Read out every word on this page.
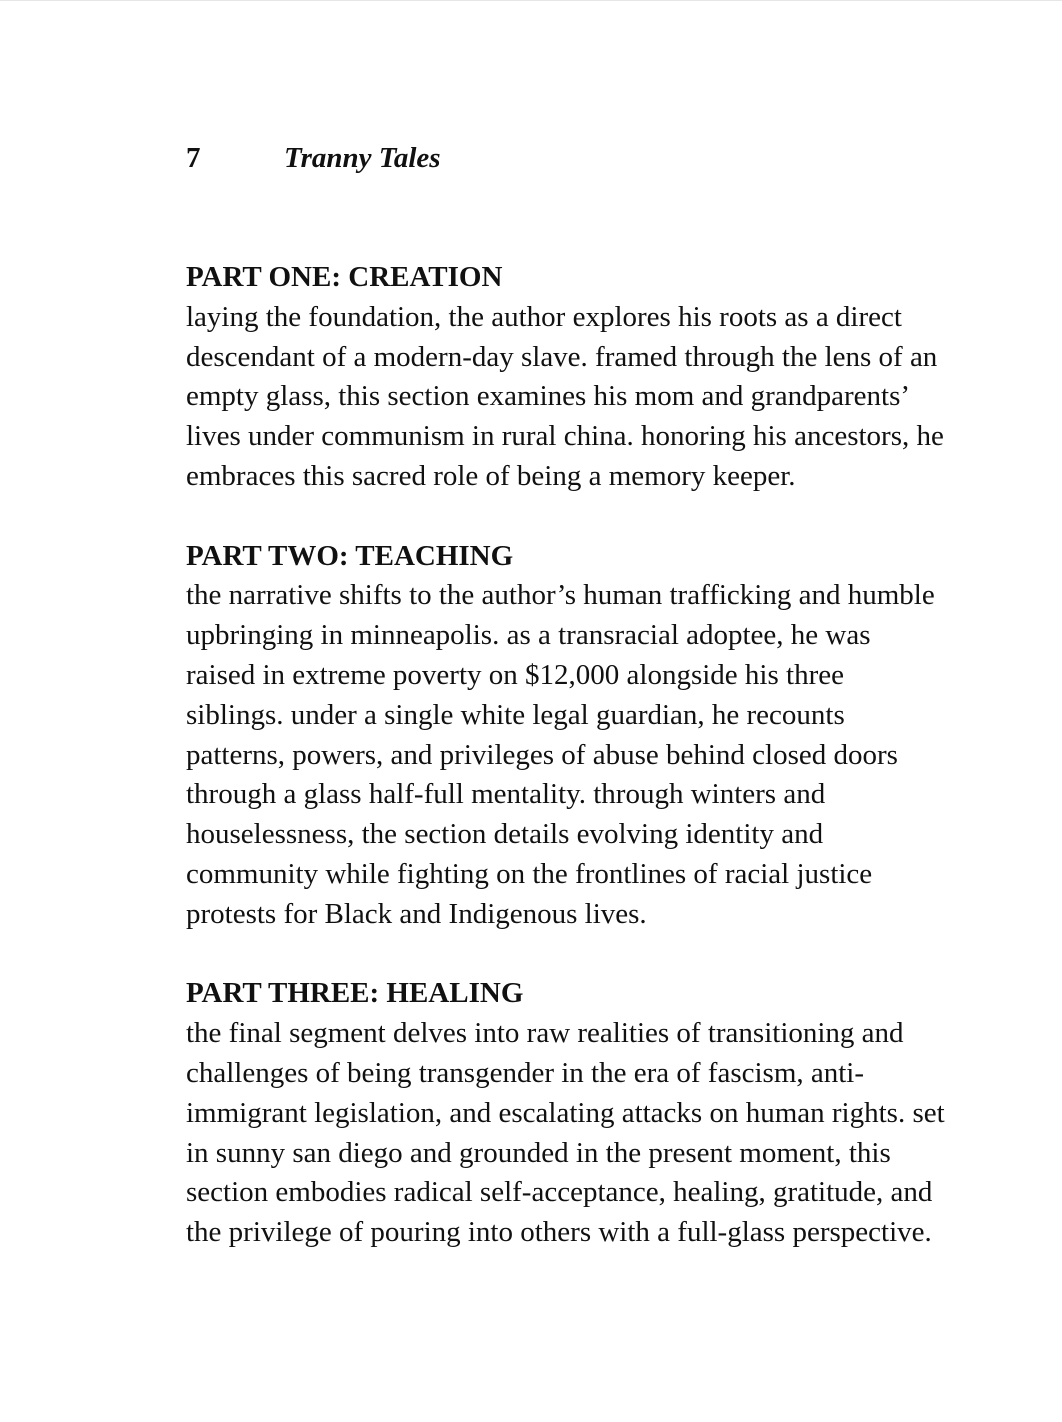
7	Tranny Tales
PART ONE: CREATION

laying the foundation, the author explores his roots as a direct descendant of a modern-day slave. framed through the lens of an empty glass, this section examines his mom and grandparents’ lives under communism in rural china. honoring his ancestors, he embraces this sacred role of being a memory keeper.

PART TWO: TEACHING

the narrative shifts to the author’s human trafficking and humble upbringing in minneapolis. as a transracial adoptee, he was raised in extreme poverty on $12,000 alongside his three siblings. under a single white legal guardian, he recounts patterns, powers, and privileges of abuse behind closed doors through a glass half-full mentality. through winters and houselessness, the section details evolving identity and community while fighting on the frontlines of racial justice protests for Black and Indigenous lives.

PART THREE: HEALING

the final segment delves into raw realities of transitioning and challenges of being transgender in the era of fascism, anti-immigrant legislation, and escalating attacks on human rights. set in sunny san diego and grounded in the present moment, this section embodies radical self-acceptance, healing, gratitude, and the privilege of pouring into others with a full-glass perspective.
